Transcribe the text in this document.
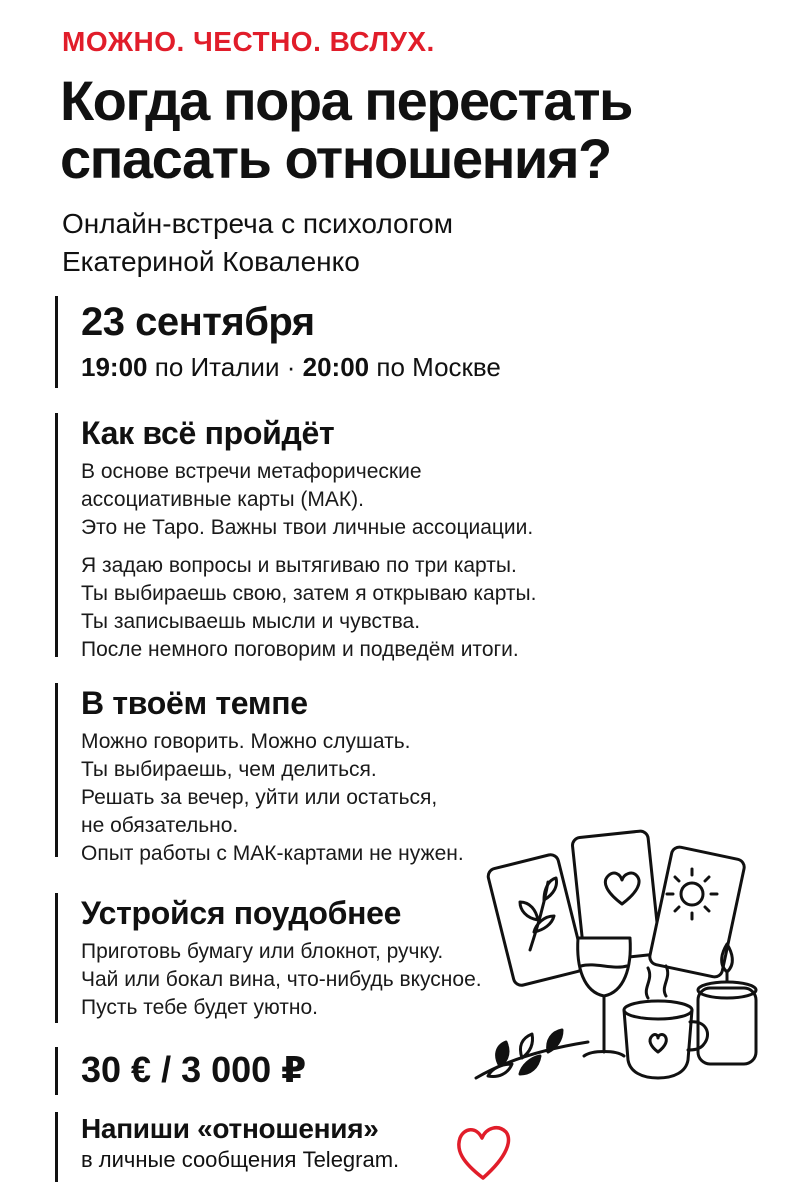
МОЖНО. ЧЕСТНО. ВСЛУХ.
Когда пора перестать
спасать отношения?
Онлайн-встреча с психологом
Екатериной Коваленко
23 сентября
19:00 по Италии · 20:00 по Москве
Как всё пройдёт
В основе встречи метафорические
ассоциативные карты (МАК).
Это не Таро. Важны твои личные ассоциации.
Я задаю вопросы и вытягиваю по три карты.
Ты выбираешь свою, затем я открываю карты.
Ты записываешь мысли и чувства.
После немного поговорим и подведём итоги.
В твоём темпе
Можно говорить. Можно слушать.
Ты выбираешь, чем делиться.
Решать за вечер, уйти или остаться,
не обязательно.
Опыт работы с МАК-картами не нужен.
Устройся поудобнее
Приготовь бумагу или блокнот, ручку.
Чай или бокал вина, что-нибудь вкусное.
Пусть тебе будет уютно.
30 € / 3 000 ₽
Напиши «отношения»
в личные сообщения Telegram.
